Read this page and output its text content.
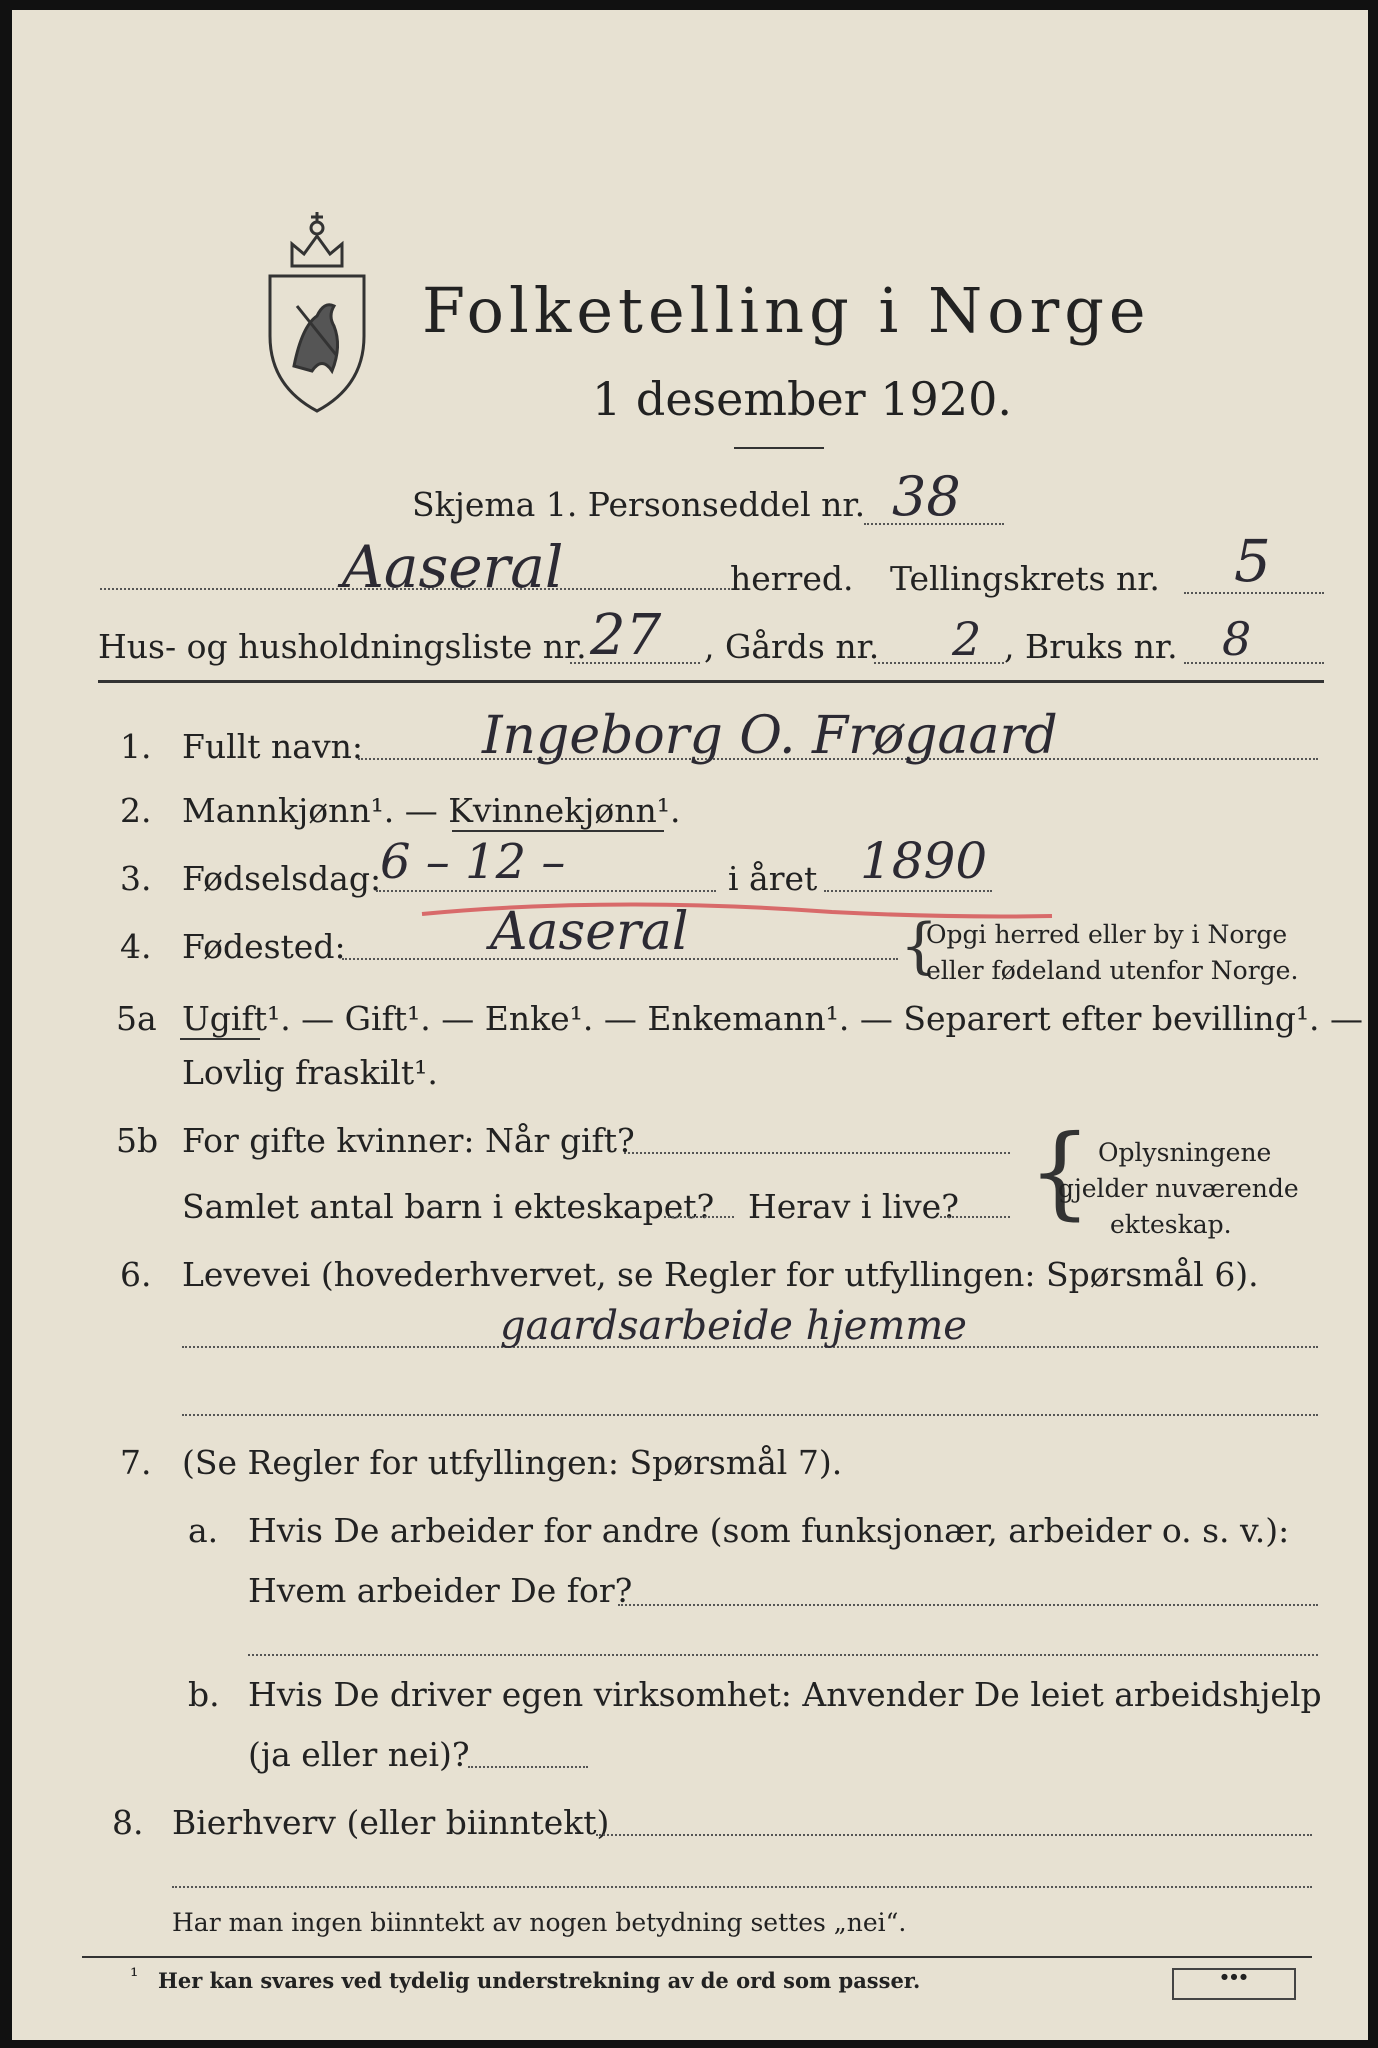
Folketelling i Norge
1 desember 1920.
Skjema 1. Personseddel nr. 38
Aaseral	herred. Tellingskrets nr. 5
Hus- og husholdningsliste nr. 27 , Gårds nr. 2 , Bruks nr. 8
1. Fullt navn: Ingeborg O. Frøgaard
2. Mannkjønn¹. — Kvinnekjønn¹.
3. Fødselsdag:
6 – 12 –	i året 1890
4. Fødested:	Aaseral	{
Opgi herred eller by i Norge
eller fødeland utenfor Norge.
5a Ugift¹. — Gift¹. — Enke¹. — Enkemann¹. — Separert efter bevilling¹. —
Lovlig fraskilt¹.
5b For gifte kvinner: Når gift?
Samlet antal barn i ekteskapet? Herav i live? { Oplysningene
gjelder nuværende
ekteskap.
6. Levevei (hovederhvervet, se Regler for utfyllingen: Spørsmål 6).
gaardsarbeide hjemme
7. (Se Regler for utfyllingen: Spørsmål 7).
a. Hvis De arbeider for andre (som funksjonær, arbeider o. s. v.):
Hvem arbeider De for?
b. Hvis De driver egen virksomhet: Anvender De leiet arbeidshjelp
(ja eller nei)?
8. Bierhverv (eller biinntekt)
Har man ingen biinntekt av nogen betydning settes „nei“.
¹ Her kan svares ved tydelig understrekning av de ord som passer.	● ● ●
